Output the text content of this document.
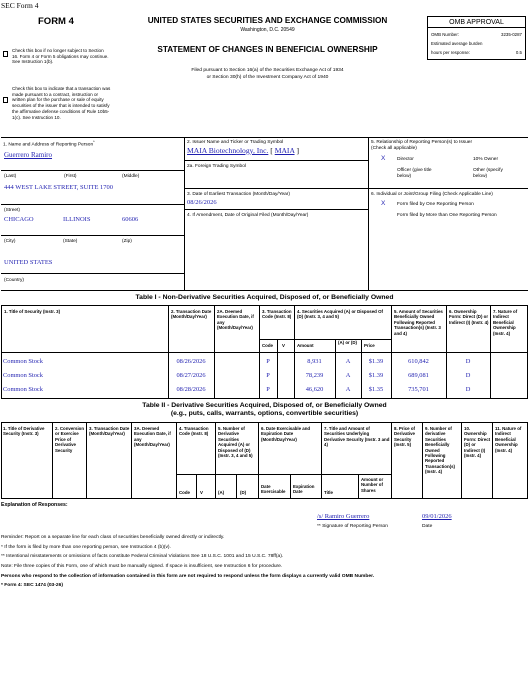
SEC Form 4
FORM 4	UNITED STATES SECURITIES AND EXCHANGE COMMISSION
Washington, D.C. 20549
STATEMENT OF CHANGES IN BENEFICIAL OWNERSHIP
Filed pursuant to Section 16(a) of the Securities Exchange Act of 1934
or Section 30(h) of the Investment Company Act of 1940
OMB APPROVAL
OMB Number:	3235-0287
Estimated average burden
hours per response:	0.5
Check this box if no longer subject to Section 16. Form 4 or Form 5 obligations may continue. See Instruction 1(b).
Check this box to indicate that a transaction was made pursuant to a contract, instruction or written plan for the purchase or sale of equity securities of the issuer that is intended to satisfy the affirmative defense conditions of Rule 10b5-1(c). See Instruction 10.
1. Name and Address of Reporting Person*
Guerrero Ramiro
(Last)	(First)	(Middle)
444 WEST LAKE STREET, SUITE 1700
(Street)
CHICAGO	ILLINOIS	60606
(City)	(State)	(Zip)
UNITED STATES
(Country)
2. Issuer Name and Ticker or Trading Symbol
MAIA Biotechnology, Inc. [ MAIA ]
2a. Foreign Trading Symbol
3. Date of Earliest Transaction (Month/Day/Year)
08/26/2026
4. If Amendment, Date of Original Filed (Month/Day/Year)
5. Relationship of Reporting Person(s) to Issuer
(Check all applicable)
X Director	10% Owner
Officer (give title
below)
Other (specify
below)
6. Individual or Joint/Group Filing (Check Applicable Line)
X Form filed by One Reporting Person
Form filed by More than One Reporting Person
Table I - Non-Derivative Securities Acquired, Disposed of, or Beneficially Owned
1. Title of Security (Instr. 3)	2. Transaction Date (Month/Day/Year)
2A. Deemed Execution Date, if any (Month/Day/Year)
3. Transaction Code (Instr. 8)
4. Securities Acquired (A) or Disposed Of (D) (Instr. 3, 4 and 5)
5. Amount of Securities Beneficially Owned Following Reported Transaction(s) (Instr. 3 and 4)
6. Ownership Form: Direct (D) or Indirect (I) (Instr. 4)
7. Nature of Indirect Beneficial Ownership (Instr. 4)
Code V	Amount
(A) or (D)
Price
Common Stock	08/26/2026	P	8,931	A	$1.39	610,842	D
Common Stock	08/27/2026	P	78,239	A	$1.39	689,081	D
Common Stock	08/28/2026	P	46,620	A	$1.35	735,701	D
Table II - Derivative Securities Acquired, Disposed of, or Beneficially Owned
(e.g., puts, calls, warrants, options, convertible securities)
1. Title of Derivative Security (Instr. 3)
2. Conversion or Exercise Price of Derivative Security
3. Transaction Date (Month/Day/Year)
3A. Deemed Execution Date, if any (Month/Day/Year)
4. Transaction Code (Instr. 8)
5. Number of Derivative Securities Acquired (A) or Disposed of (D) (Instr. 3, 4 and 5)
6. Date Exercisable and Expiration Date (Month/Day/Year)
7. Title and Amount of Securities Underlying Derivative Security (Instr. 3 and 4)
8. Price of Derivative Security (Instr. 5)
9. Number of derivative Securities Beneficially Owned Following Reported Transaction(s) (Instr. 4)
10. Ownership Form: Direct (D) or Indirect (I) (Instr. 4)
11. Nature of Indirect Beneficial Ownership (Instr. 4)
Code V	(A)	(D)
Date Exercisable
Expiration Date	Title
Amount or Number of Shares
Explanation of Responses:
/s/ Ramiro Guerrero	09/01/2026
** Signature of Reporting Person	Date
Reminder: Report on a separate line for each class of securities beneficially owned directly or indirectly.
* If the form is filed by more than one reporting person, see Instruction 4 (b)(v).
** Intentional misstatements or omissions of facts constitute Federal Criminal Violations See 18 U.S.C. 1001 and 15 U.S.C. 78ff(a).
Note: File three copies of this Form, one of which must be manually signed. If space is insufficient, see Instruction 6 for procedure.
Persons who respond to the collection of information contained in this form are not required to respond unless the form displays a currently valid OMB Number.
* Form 4: SEC 1474 (03-26)
